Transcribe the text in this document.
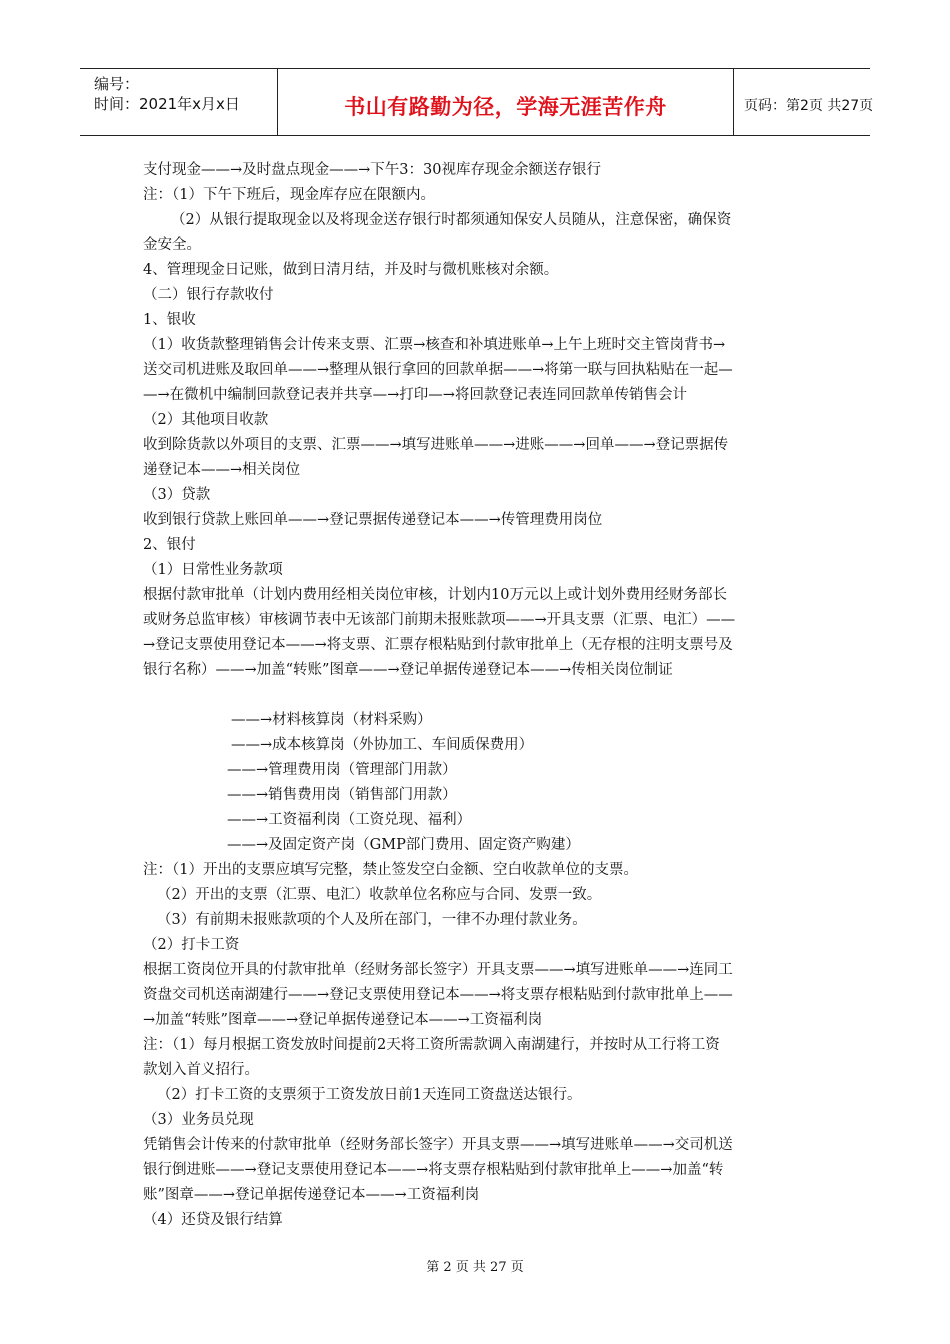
编号：
时间：2021年x月x日	书山有路勤为径，学海无涯苦作舟	页码：第2页 共27页

支付现金——→及时盘点现金——→下午3：30视库存现金余额送存银行

注：（1）下午下班后，现金库存应在限额内。

（2）从银行提取现金以及将现金送存银行时都须通知保安人员随从，注意保密，确保资

金安全。

4、管理现金日记账，做到日清月结，并及时与微机账核对余额。

（二）银行存款收付

1、银收

（1）收货款整理销售会计传来支票、汇票→核查和补填进账单→上午上班时交主管岗背书→

送交司机进账及取回单——→整理从银行拿回的回款单据——→将第一联与回执粘贴在一起—

—→在微机中编制回款登记表并共享—→打印—→将回款登记表连同回款单传销售会计

（2）其他项目收款

收到除货款以外项目的支票、汇票——→填写进账单——→进账——→回单——→登记票据传

递登记本——→相关岗位

（3）贷款

收到银行贷款上账回单——→登记票据传递登记本——→传管理费用岗位

2、银付

（1）日常性业务款项

根据付款审批单（计划内费用经相关岗位审核，计划内10万元以上或计划外费用经财务部长

或财务总监审核）审核调节表中无该部门前期未报账款项——→开具支票（汇票、电汇）——

→登记支票使用登记本——→将支票、汇票存根粘贴到付款审批单上（无存根的注明支票号及

银行名称）——→加盖“转账”图章——→登记单据传递登记本——→传相关岗位制证

——→材料核算岗（材料采购）

——→成本核算岗（外协加工、车间质保费用）

——→管理费用岗（管理部门用款）

——→销售费用岗（销售部门用款）

——→工资福利岗（工资兑现、福利）

——→及固定资产岗（GMP部门费用、固定资产购建）

注：（1）开出的支票应填写完整，禁止签发空白金额、空白收款单位的支票。

（2）开出的支票（汇票、电汇）收款单位名称应与合同、发票一致。

（3）有前期未报账款项的个人及所在部门，一律不办理付款业务。

（2）打卡工资

根据工资岗位开具的付款审批单（经财务部长签字）开具支票——→填写进账单——→连同工

资盘交司机送南湖建行——→登记支票使用登记本——→将支票存根粘贴到付款审批单上——

→加盖“转账”图章——→登记单据传递登记本——→工资福利岗

注：（1）每月根据工资发放时间提前2天将工资所需款调入南湖建行，并按时从工行将工资

款划入首义招行。

（2）打卡工资的支票须于工资发放日前1天连同工资盘送达银行。

（3）业务员兑现

凭销售会计传来的付款审批单（经财务部长签字）开具支票——→填写进账单——→交司机送

银行倒进账——→登记支票使用登记本——→将支票存根粘贴到付款审批单上——→加盖“转

账”图章——→登记单据传递登记本——→工资福利岗

（4）还贷及银行结算

第 2 页 共 27 页
